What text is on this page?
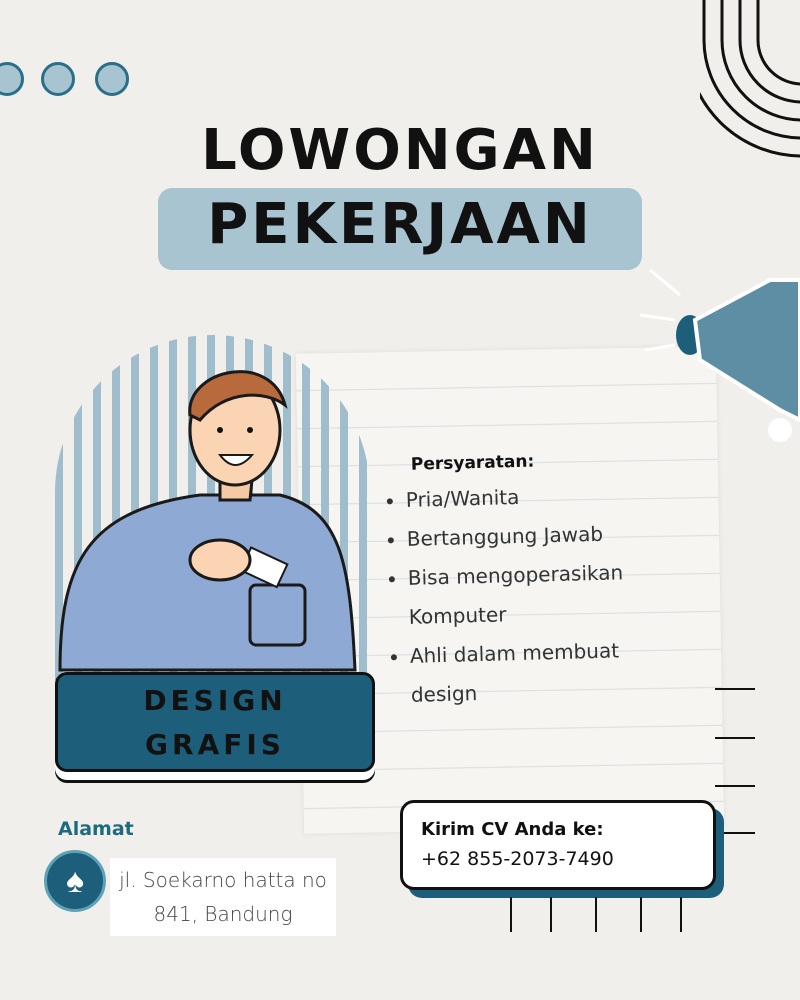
LOWONGAN
PEKERJAAN
DESIGN
GRAFIS
Persyaratan:
• Pria/Wanita
• Bertanggung Jawab
• Bisa mengoperasikan Komputer
• Ahli dalam membuat design
Alamat
♠	jl. Soekarno hatta no
841, Bandung
Kirim CV Anda ke:
+62 855-2073-7490
